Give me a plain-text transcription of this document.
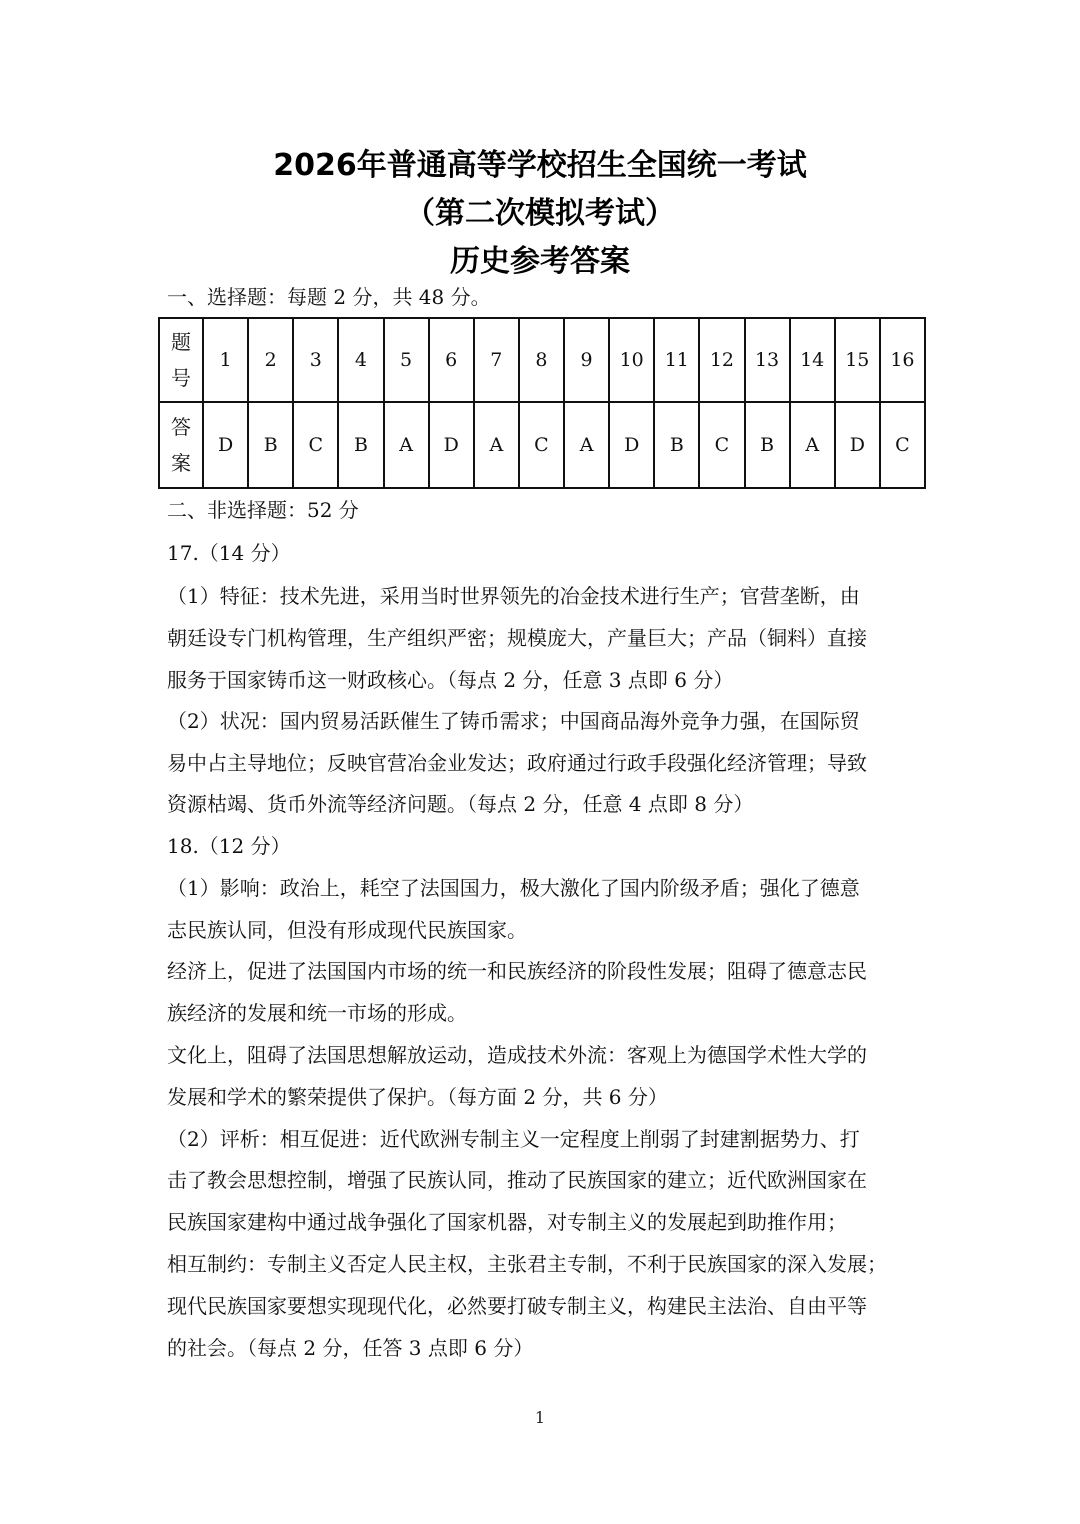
2026年普通高等学校招生全国统一考试
（第二次模拟考试）
历史参考答案
一、选择题：每题 2 分，共 48 分。
题
号	1	2	3	4	5	6	7	8	9	10	11	12	13	14	15	16

答
案	D	B	C	B	A	D	A	C	A	D	B	C	B	A	D	C
二、非选择题：52 分
17.（14 分）
（1）特征：技术先进，采用当时世界领先的冶金技术进行生产；官营垄断，由
朝廷设专门机构管理，生产组织严密；规模庞大，产量巨大；产品（铜料）直接
服务于国家铸币这一财政核心。（每点 2 分，任意 3 点即 6 分）
（2）状况：国内贸易活跃催生了铸币需求；中国商品海外竞争力强，在国际贸
易中占主导地位；反映官营冶金业发达；政府通过行政手段强化经济管理；导致
资源枯竭、货币外流等经济问题。（每点 2 分，任意 4 点即 8 分）
18.（12 分）
（1）影响：政治上，耗空了法国国力，极大激化了国内阶级矛盾；强化了德意
志民族认同，但没有形成现代民族国家。
经济上，促进了法国国内市场的统一和民族经济的阶段性发展；阻碍了德意志民
族经济的发展和统一市场的形成。
文化上，阻碍了法国思想解放运动，造成技术外流：客观上为德国学术性大学的
发展和学术的繁荣提供了保护。（每方面 2 分，共 6 分）
（2）评析：相互促进：近代欧洲专制主义一定程度上削弱了封建割据势力、打
击了教会思想控制，增强了民族认同，推动了民族国家的建立；近代欧洲国家在
民族国家建构中通过战争强化了国家机器，对专制主义的发展起到助推作用；
相互制约：专制主义否定人民主权，主张君主专制，不利于民族国家的深入发展；
现代民族国家要想实现现代化，必然要打破专制主义，构建民主法治、自由平等
的社会。（每点 2 分，任答 3 点即 6 分）
1
